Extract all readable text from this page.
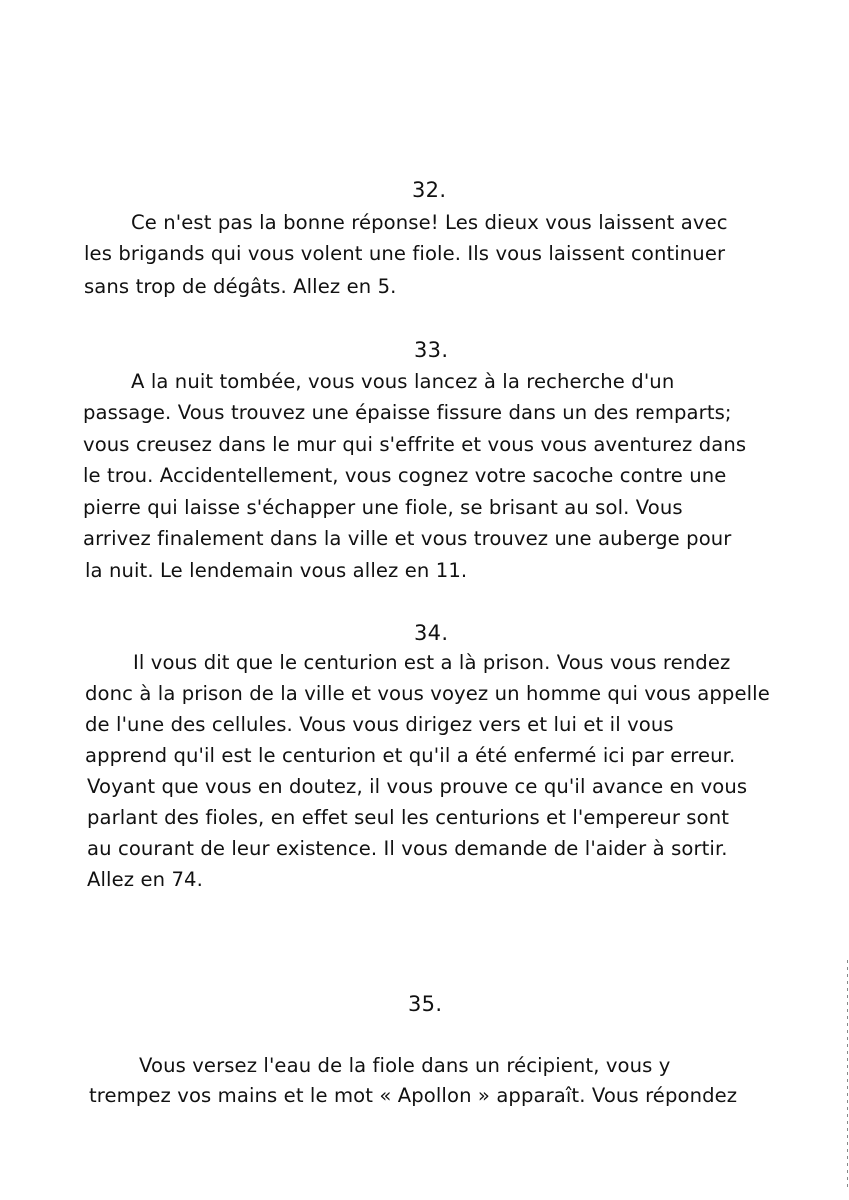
32.
Ce n'est pas la bonne réponse! Les dieux vous laissent avec
les brigands qui vous volent une fiole. Ils vous laissent continuer
sans trop de dégâts. Allez en 5.
33.
A la nuit tombée, vous vous lancez à la recherche d'un
passage. Vous trouvez une épaisse fissure dans un des remparts;
vous creusez dans le mur qui s'effrite et vous vous aventurez dans
le trou. Accidentellement, vous cognez votre sacoche contre une
pierre qui laisse s'échapper une fiole, se brisant au sol. Vous
arrivez finalement dans la ville et vous trouvez une auberge pour
la nuit. Le lendemain vous allez en 11.
34.
Il vous dit que le centurion est a là prison. Vous vous rendez
donc à la prison de la ville et vous voyez un homme qui vous appelle
de l'une des cellules. Vous vous dirigez vers et lui et il vous
apprend qu'il est le centurion et qu'il a été enfermé ici par erreur.
Voyant que vous en doutez, il vous prouve ce qu'il avance en vous
parlant des fioles, en effet seul les centurions et l'empereur sont
au courant de leur existence. Il vous demande de l'aider à sortir.
Allez en 74.
35.
Vous versez l'eau de la fiole dans un récipient, vous y
trempez vos mains et le mot « Apollon » apparaît. Vous répondez
